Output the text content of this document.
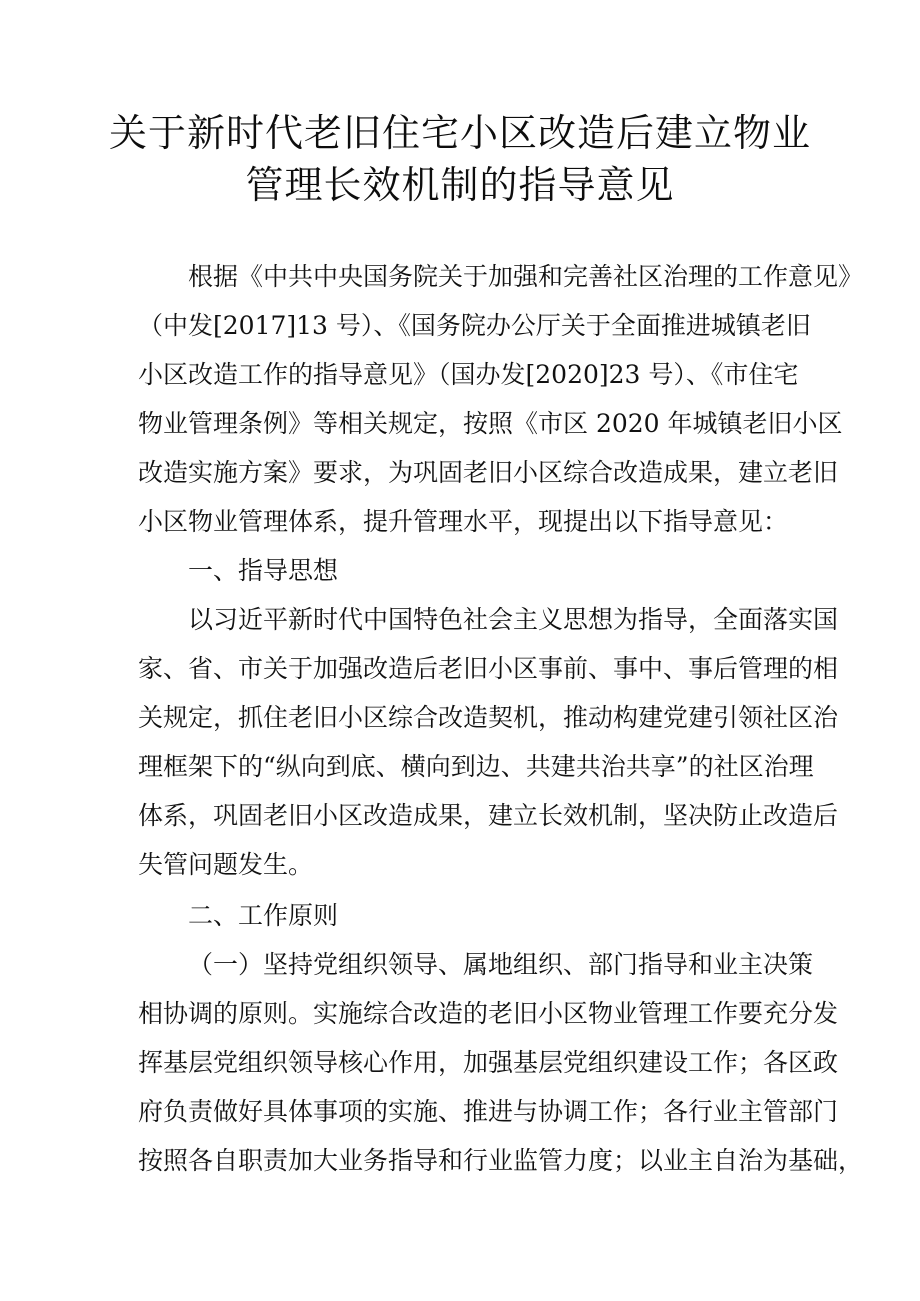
关于新时代老旧住宅小区改造后建立物业
管理长效机制的指导意见
根据《中共中央国务院关于加强和完善社区治理的工作意见》
（中发[2017]13 号）、《国务院办公厅关于全面推进城镇老旧
小区改造工作的指导意见》（国办发[2020]23 号）、《市住宅
物业管理条例》等相关规定，按照《市区 2020 年城镇老旧小区
改造实施方案》要求，为巩固老旧小区综合改造成果，建立老旧
小区物业管理体系，提升管理水平，现提出以下指导意见：
一、指导思想
以习近平新时代中国特色社会主义思想为指导，全面落实国
家、省、市关于加强改造后老旧小区事前、事中、事后管理的相
关规定，抓住老旧小区综合改造契机，推动构建党建引领社区治
理框架下的“纵向到底、横向到边、共建共治共享”的社区治理
体系，巩固老旧小区改造成果，建立长效机制，坚决防止改造后
失管问题发生。
二、工作原则
（一）坚持党组织领导、属地组织、部门指导和业主决策
相协调的原则。实施综合改造的老旧小区物业管理工作要充分发
挥基层党组织领导核心作用，加强基层党组织建设工作；各区政
府负责做好具体事项的实施、推进与协调工作；各行业主管部门
按照各自职责加大业务指导和行业监管力度；以业主自治为基础，
